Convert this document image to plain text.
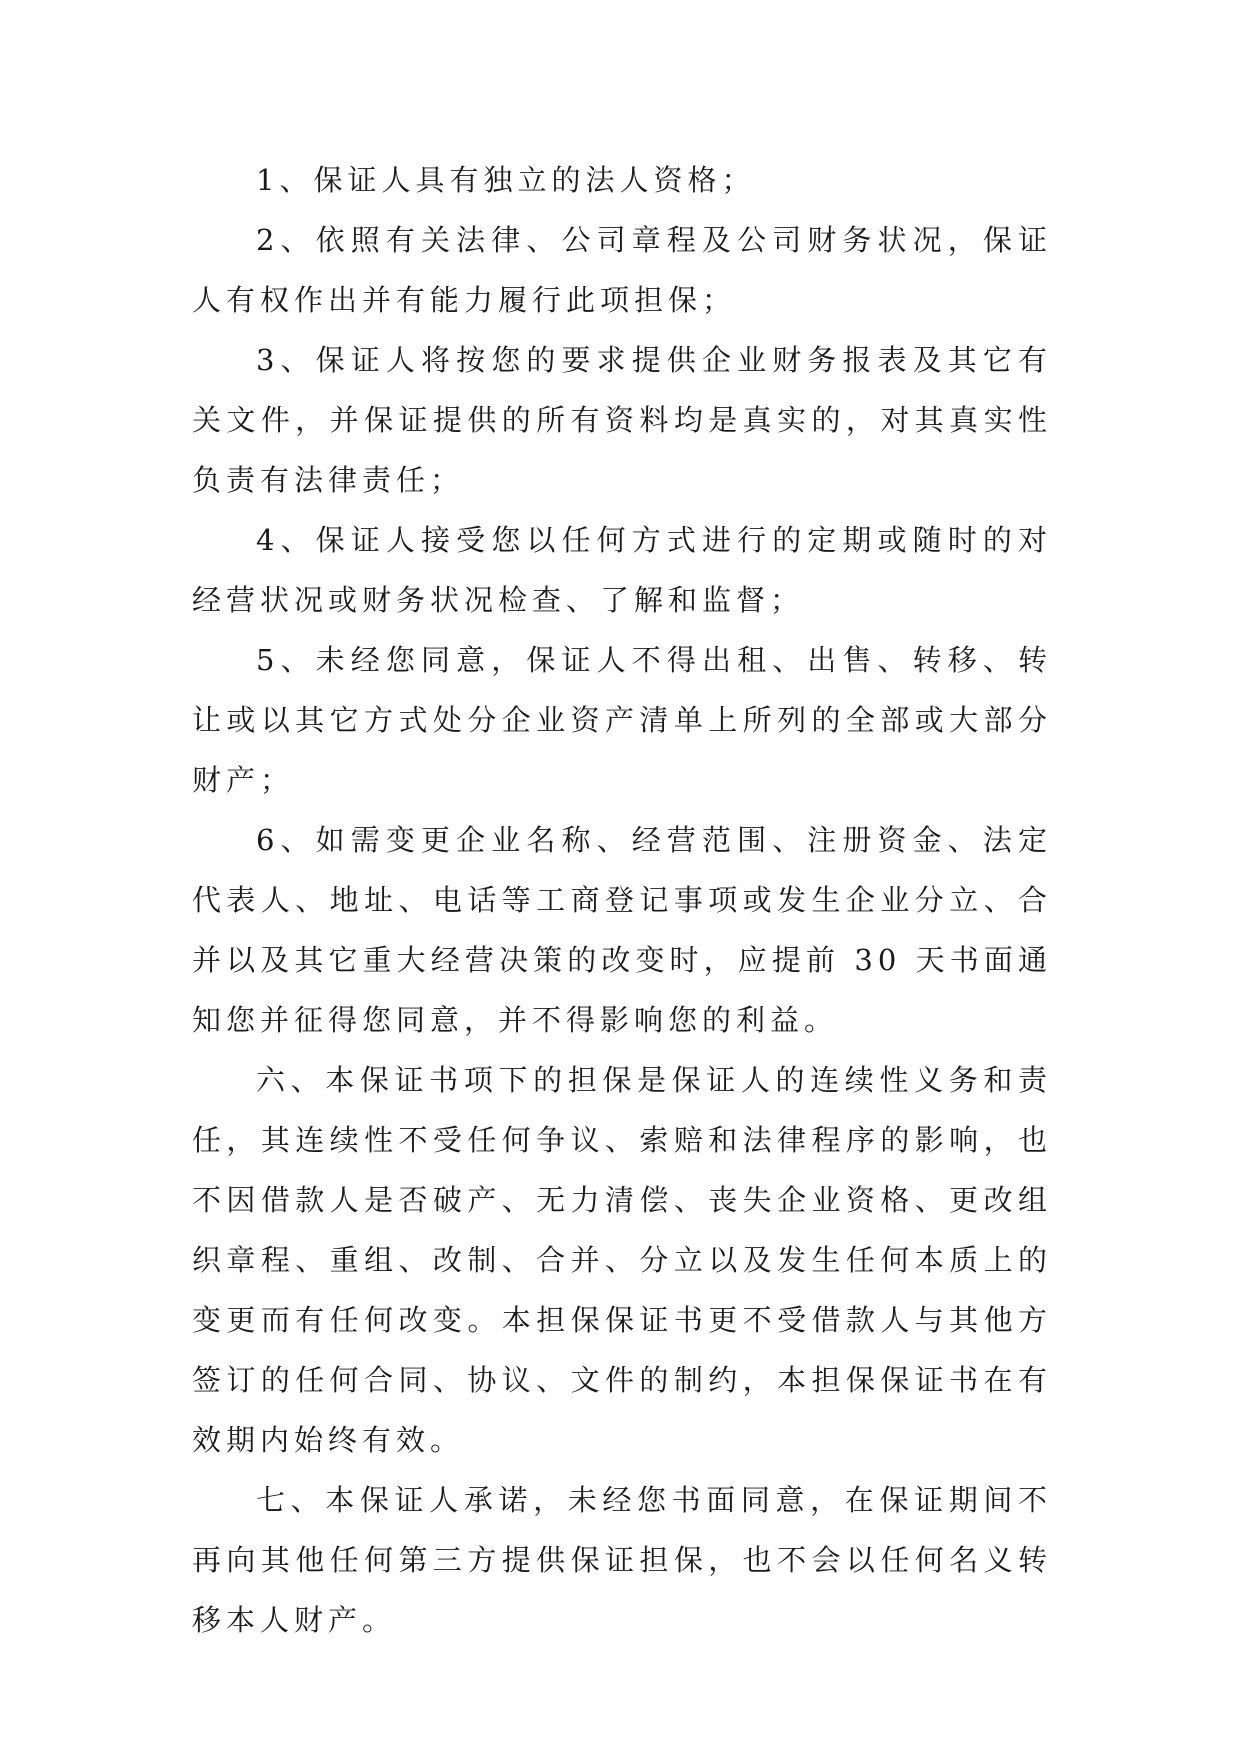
1、保证人具有独立的法人资格；

2、依照有关法律、公司章程及公司财务状况，保证人有权作出并有能力履行此项担保；

3、保证人将按您的要求提供企业财务报表及其它有关文件，并保证提供的所有资料均是真实的，对其真实性负责有法律责任；

4、保证人接受您以任何方式进行的定期或随时的对经营状况或财务状况检查、了解和监督；

5、未经您同意，保证人不得出租、出售、转移、转让或以其它方式处分企业资产清单上所列的全部或大部分财产；

6、如需变更企业名称、经营范围、注册资金、法定代表人、地址、电话等工商登记事项或发生企业分立、合并以及其它重大经营决策的改变时，应提前 30 天书面通知您并征得您同意，并不得影响您的利益。

六、本保证书项下的担保是保证人的连续性义务和责任，其连续性不受任何争议、索赔和法律程序的影响，也不因借款人是否破产、无力清偿、丧失企业资格、更改组织章程、重组、改制、合并、分立以及发生任何本质上的变更而有任何改变。本担保保证书更不受借款人与其他方签订的任何合同、协议、文件的制约，本担保保证书在有效期内始终有效。

七、本保证人承诺，未经您书面同意，在保证期间不再向其他任何第三方提供保证担保，也不会以任何名义转移本人财产。
